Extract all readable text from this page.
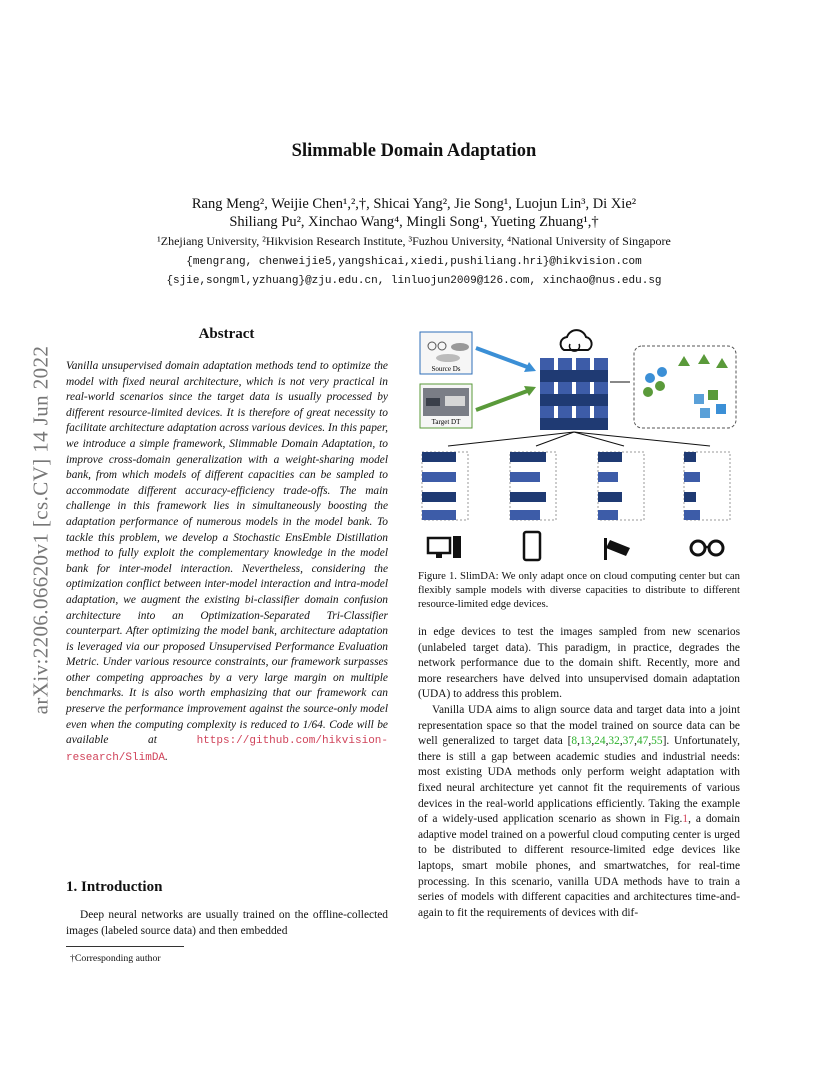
arXiv:2206.06620v1 [cs.CV] 14 Jun 2022
Slimmable Domain Adaptation
Rang Meng², Weijie Chen¹,²,†, Shicai Yang², Jie Song¹, Luojun Lin³, Di Xie²
Shiliang Pu², Xinchao Wang⁴, Mingli Song¹, Yueting Zhuang¹,†
¹Zhejiang University, ²Hikvision Research Institute, ³Fuzhou University, ⁴National University of Singapore
{mengrang, chenweijie5,yangshicai,xiedi,pushiliang.hri}@hikvision.com
{sjie,songml,yzhuang}@zju.edu.cn, linluojun2009@126.com, xinchao@nus.edu.sg
Abstract
Vanilla unsupervised domain adaptation methods tend to optimize the model with fixed neural architecture, which is not very practical in real-world scenarios since the target data is usually processed by different resource-limited devices. It is therefore of great necessity to facilitate architecture adaptation across various devices. In this paper, we introduce a simple framework, Slimmable Domain Adaptation, to improve cross-domain generalization with a weight-sharing model bank, from which models of different capacities can be sampled to accommodate different accuracy-efficiency trade-offs. The main challenge in this framework lies in simultaneously boosting the adaptation performance of numerous models in the model bank. To tackle this problem, we develop a Stochastic EnsEmble Distillation method to fully exploit the complementary knowledge in the model bank for inter-model interaction. Nevertheless, considering the optimization conflict between inter-model interaction and intra-model adaptation, we augment the existing bi-classifier domain confusion architecture into an Optimization-Separated Tri-Classifier counterpart. After optimizing the model bank, architecture adaptation is leveraged via our proposed Unsupervised Performance Evaluation Metric. Under various resource constraints, our framework surpasses other competing approaches by a very large margin on multiple benchmarks. It is also worth emphasizing that our framework can preserve the performance improvement against the source-only model even when the computing complexity is reduced to 1/64. Code will be available at	https://github.com/hikvision-research/SlimDA.
1. Introduction
Deep neural networks are usually trained on the offline-collected images (labeled source data) and then embedded
†Corresponding author
Source Ds
Target DT
Figure 1. SlimDA: We only adapt once on cloud computing center but can flexibly sample models with diverse capacities to distribute to different resource-limited edge devices.

in edge devices to test the images sampled from new scenarios (unlabeled target data). This paradigm, in practice, degrades the network performance due to the domain shift. Recently, more and more researchers have delved into unsupervised domain adaptation (UDA) to address this problem.

Vanilla UDA aims to align source data and target data into a joint representation space so that the model trained on source data can be well generalized to target data [8,13,24,32,37,47,55]. Unfortunately, there is still a gap between academic studies and industrial needs: most existing UDA methods only perform weight adaptation with fixed neural architecture yet cannot fit the requirements of various devices in the real-world applications efficiently. Taking the example of a widely-used application scenario as shown in Fig.1, a domain adaptive model trained on a powerful cloud computing center is urged to be distributed to different resource-limited edge devices like laptops, smart mobile phones, and smartwatches, for real-time processing. In this scenario, vanilla UDA methods have to train a series of models with different capacities and architectures time-and-again to fit the requirements of devices with dif-
